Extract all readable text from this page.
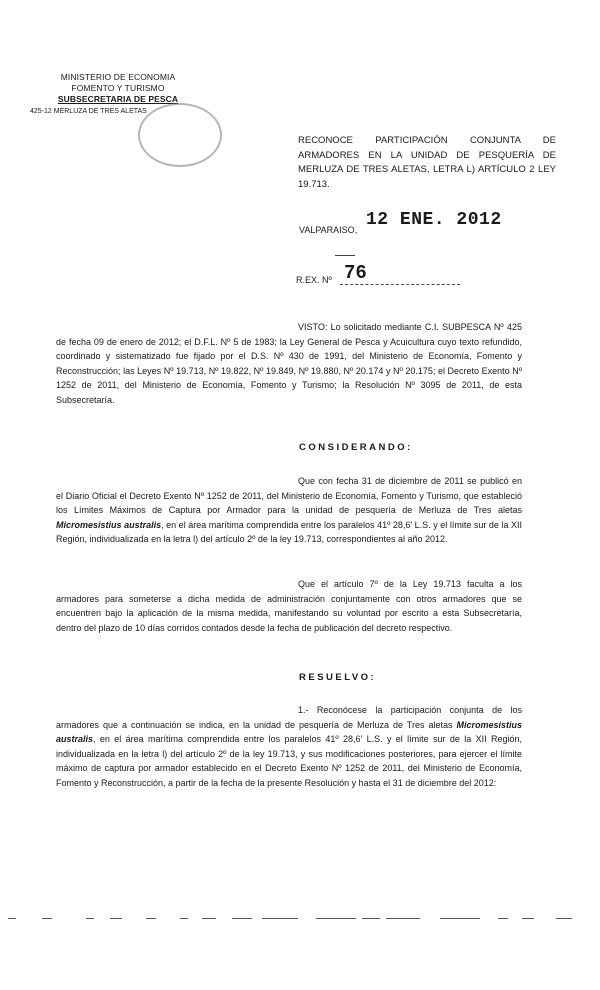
MINISTERIO DE ECONOMIA
FOMENTO Y TURISMO
SUBSECRETARIA DE PESCA
425-12 MERLUZA DE TRES ALETAS
RECONOCE PARTICIPACIÓN CONJUNTA DE ARMADORES EN LA UNIDAD DE PESQUERÍA DE MERLUZA DE TRES ALETAS, LETRA L) ARTÍCULO 2 LEY 19.713.
VALPARAISO, 12 ENE. 2012
R.EX. Nº 76
VISTO: Lo solicitado mediante C.I. SUBPESCA Nº 425 de fecha 09 de enero de 2012; el D.F.L. Nº 5 de 1983; la Ley General de Pesca y Acuicultura cuyo texto refundido, coordinado y sistematizado fue fijado por el D.S. Nº 430 de 1991, del Ministerio de Economía, Fomento y Reconstrucción; las Leyes Nº 19.713, Nº 19.822, Nº 19.849, Nº 19.880, Nº 20.174 y Nº 20.175; el Decreto Exento Nº 1252 de 2011, del Ministerio de Economía, Fomento y Turismo; la Resolución Nº 3095 de 2011, de esta Subsecretaría.
CONSIDERANDO:
Que con fecha 31 de diciembre de 2011 se publicó en el Diario Oficial el Decreto Exento Nº 1252 de 2011, del Ministerio de Economía, Fomento y Turismo, que estableció los Límites Máximos de Captura por Armador para la unidad de pesquería de Merluza de Tres aletas Micromesistius australis, en el área marítima comprendida entre los paralelos 41º 28,6' L.S. y el límite sur de la XII Región, individualizada en la letra l) del artículo 2º de la ley 19.713, correspondientes al año 2012.
Que el artículo 7º de la Ley 19.713 faculta a los armadores para someterse a dicha medida de administración conjuntamente con otros armadores que se encuentren bajo la aplicación de la misma medida, manifestando su voluntad por escrito a esta Subsecretaría, dentro del plazo de 10 días corridos contados desde la fecha de publicación del decreto respectivo.
RESUELVO:
1.- Reconócese la participación conjunta de los armadores que a continuación se indica, en la unidad de pesquería de Merluza de Tres aletas Micromesistius australis, en el área marítima comprendida entre los paralelos 41º 28,6' L.S. y el límite sur de la XII Región, individualizada en la letra l) del artículo 2º de la ley 19.713, y sus modificaciones posteriores, para ejercer el límite máximo de captura por armador establecido en el Decreto Exento Nº 1252 de 2011, del Ministerio de Economía, Fomento y Reconstrucción, a partir de la fecha de la presente Resolución y hasta el 31 de diciembre del 2012:
